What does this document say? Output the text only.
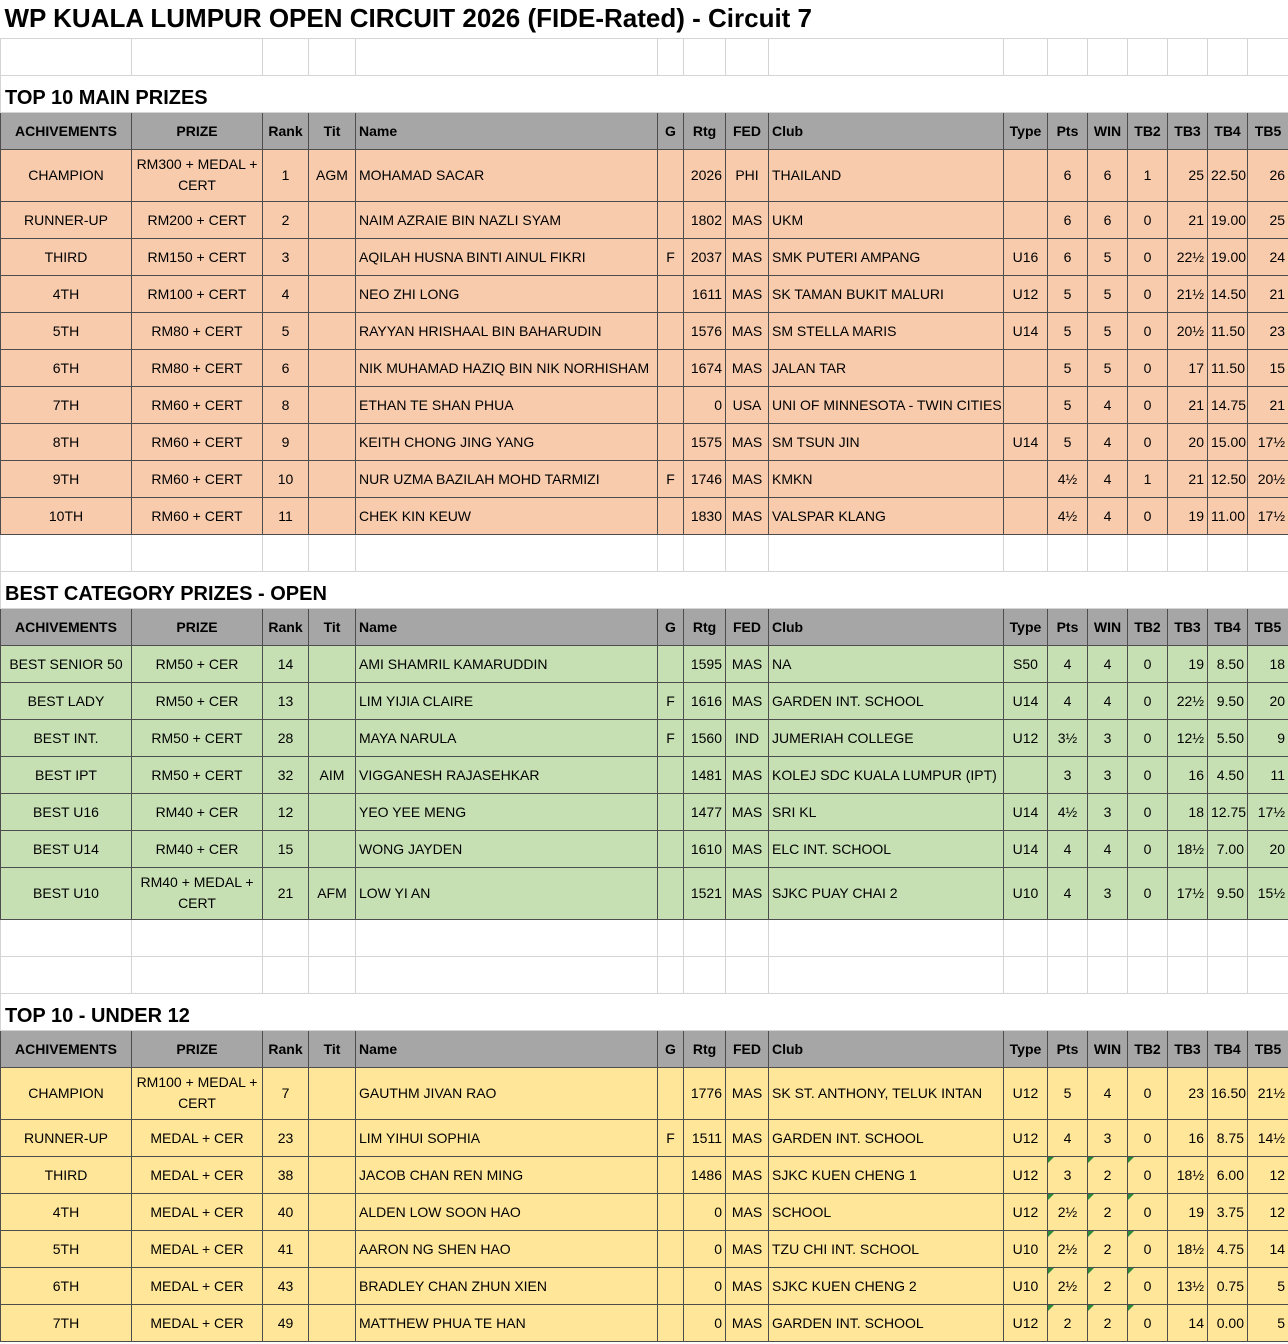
WP KUALA LUMPUR OPEN CIRCUIT 2026 (FIDE-Rated) - Circuit 7															

TOP 10 MAIN PRIZES															
ACHIVEMENTS	PRIZE	Rank	Tit	Name	G	Rtg	FED	Club	Type	Pts	WIN	TB2	TB3	TB4	TB5
CHAMPION	RM300 + MEDAL + CERT	1	AGM	MOHAMAD SACAR		2026	PHI	THAILAND		6	6	1	25	22.50	26
RUNNER-UP	RM200 + CERT	2		NAIM AZRAIE BIN NAZLI SYAM		1802	MAS	UKM		6	6	0	21	19.00	25
THIRD	RM150 + CERT	3		AQILAH HUSNA BINTI AINUL FIKRI	F	2037	MAS	SMK PUTERI AMPANG	U16	6	5	0	22½	19.00	24
4TH	RM100 + CERT	4		NEO ZHI LONG		1611	MAS	SK TAMAN BUKIT MALURI	U12	5	5	0	21½	14.50	21
5TH	RM80 + CERT	5		RAYYAN HRISHAAL BIN BAHARUDIN		1576	MAS	SM STELLA MARIS	U14	5	5	0	20½	11.50	23
6TH	RM80 + CERT	6		NIK MUHAMAD HAZIQ BIN NIK NORHISHAM		1674	MAS	JALAN TAR		5	5	0	17	11.50	15
7TH	RM60 + CERT	8		ETHAN TE SHAN PHUA		0	USA	UNI OF MINNESOTA - TWIN CITIES		5	4	0	21	14.75	21
8TH	RM60 + CERT	9		KEITH CHONG JING YANG		1575	MAS	SM TSUN JIN	U14	5	4	0	20	15.00	17½
9TH	RM60 + CERT	10		NUR UZMA BAZILAH MOHD TARMIZI	F	1746	MAS	KMKN		4½	4	1	21	12.50	20½
10TH	RM60 + CERT	11		CHEK KIN KEUW		1830	MAS	VALSPAR KLANG		4½	4	0	19	11.00	17½

BEST CATEGORY PRIZES - OPEN															
ACHIVEMENTS	PRIZE	Rank	Tit	Name	G	Rtg	FED	Club	Type	Pts	WIN	TB2	TB3	TB4	TB5
BEST SENIOR 50	RM50 + CER	14		AMI SHAMRIL KAMARUDDIN		1595	MAS	NA	S50	4	4	0	19	8.50	18
BEST LADY	RM50 + CER	13		LIM YIJIA CLAIRE	F	1616	MAS	GARDEN INT. SCHOOL	U14	4	4	0	22½	9.50	20
BEST INT.	RM50 + CERT	28		MAYA NARULA	F	1560	IND	JUMERIAH COLLEGE	U12	3½	3	0	12½	5.50	9
BEST IPT	RM50 + CERT	32	AIM	VIGGANESH RAJASEHKAR		1481	MAS	KOLEJ SDC KUALA LUMPUR (IPT)		3	3	0	16	4.50	11
BEST U16	RM40 + CER	12		YEO YEE MENG		1477	MAS	SRI KL	U14	4½	3	0	18	12.75	17½
BEST U14	RM40 + CER	15		WONG JAYDEN		1610	MAS	ELC INT. SCHOOL	U14	4	4	0	18½	7.00	20
BEST U10	RM40 + MEDAL + CERT	21	AFM	LOW YI AN		1521	MAS	SJKC PUAY CHAI 2	U10	4	3	0	17½	9.50	15½

TOP 10 - UNDER 12															
ACHIVEMENTS	PRIZE	Rank	Tit	Name	G	Rtg	FED	Club	Type	Pts	WIN	TB2	TB3	TB4	TB5
CHAMPION	RM100 + MEDAL + CERT	7		GAUTHM JIVAN RAO		1776	MAS	SK ST. ANTHONY, TELUK INTAN	U12	5	4	0	23	16.50	21½
RUNNER-UP	MEDAL + CER	23		LIM YIHUI SOPHIA	F	1511	MAS	GARDEN INT. SCHOOL	U12	4	3	0	16	8.75	14½
THIRD	MEDAL + CER	38		JACOB CHAN REN MING		1486	MAS	SJKC KUEN CHENG 1	U12	3	2	0	18½	6.00	12
4TH	MEDAL + CER	40		ALDEN LOW SOON HAO		0	MAS	SCHOOL	U12	2½	2	0	19	3.75	12
5TH	MEDAL + CER	41		AARON NG SHEN HAO		0	MAS	TZU CHI INT. SCHOOL	U10	2½	2	0	18½	4.75	14
6TH	MEDAL + CER	43		BRADLEY CHAN ZHUN XIEN		0	MAS	SJKC KUEN CHENG 2	U10	2½	2	0	13½	0.75	5
7TH	MEDAL + CER	49		MATTHEW PHUA TE HAN		0	MAS	GARDEN INT. SCHOOL	U12	2	2	0	14	0.00	5
